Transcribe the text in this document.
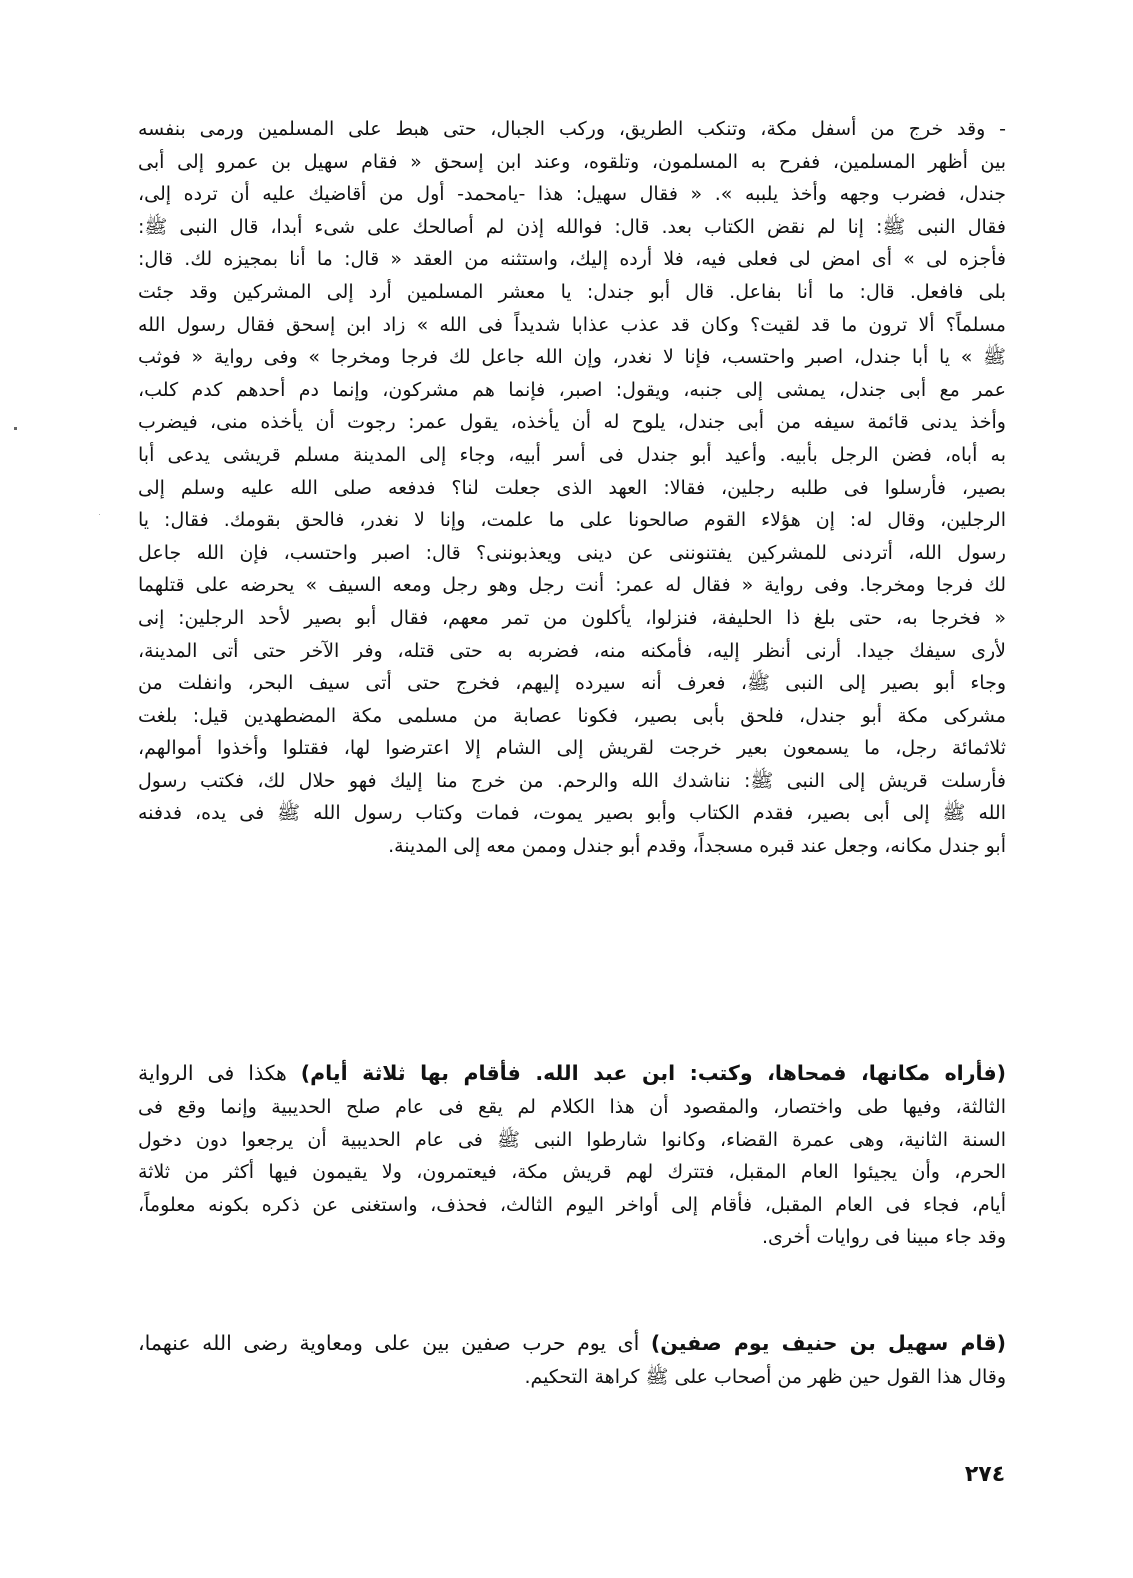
- وقد خرج من أسفل مكة، وتنكب الطريق، وركب الجبال، حتى هبط على المسلمين ورمى بنفسه
بين أظهر المسلمين، ففرح به المسلمون، وتلقوه، وعند ابن إسحق « فقام سهيل بن عمرو إلى أبى
جندل، فضرب وجهه وأخذ يلببه ». « فقال سهيل: هذا -يامحمد- أول من أقاضيك عليه أن ترده إلى،
فقال النبى ﷺ: إنا لم نقض الكتاب بعد. قال: فوالله إذن لم أصالحك على شىء أبدا، قال النبى ﷺ:
فأجزه لى » أى امض لى فعلى فيه، فلا أرده إليك، واستثنه من العقد « قال: ما أنا بمجيزه لك. قال:
بلى فافعل. قال: ما أنا بفاعل. قال أبو جندل: يا معشر المسلمين أرد إلى المشركين وقد جئت
مسلماً؟ ألا ترون ما قد لقيت؟ وكان قد عذب عذابا شديداً فى الله » زاد ابن إسحق فقال رسول الله
ﷺ » يا أبا جندل، اصبر واحتسب، فإنا لا نغدر، وإن الله جاعل لك فرجا ومخرجا » وفى رواية « فوثب
عمر مع أبى جندل، يمشى إلى جنبه، ويقول: اصبر، فإنما هم مشركون، وإنما دم أحدهم كدم كلب،
وأخذ يدنى قائمة سيفه من أبى جندل، يلوح له أن يأخذه، يقول عمر: رجوت أن يأخذه منى، فيضرب
به أباه، فضن الرجل بأبيه. وأعيد أبو جندل فى أسر أبيه، وجاء إلى المدينة مسلم قريشى يدعى أبا
بصير، فأرسلوا فى طلبه رجلين، فقالا: العهد الذى جعلت لنا؟ فدفعه صلى الله عليه وسلم إلى
الرجلين، وقال له: إن هؤلاء القوم صالحونا على ما علمت، وإنا لا نغدر، فالحق بقومك. فقال: يا
رسول الله، أتردنى للمشركين يفتنوننى عن دينى ويعذبوننى؟ قال: اصبر واحتسب، فإن الله جاعل
لك فرجا ومخرجا. وفى رواية « فقال له عمر: أنت رجل وهو رجل ومعه السيف » يحرضه على قتلهما
« فخرجا به، حتى بلغ ذا الحليفة، فنزلوا، يأكلون من تمر معهم، فقال أبو بصير لأحد الرجلين: إنى
لأرى سيفك جيدا. أرنى أنظر إليه، فأمكنه منه، فضربه به حتى قتله، وفر الآخر حتى أتى المدينة،
وجاء أبو بصير إلى النبى ﷺ، فعرف أنه سيرده إليهم، فخرج حتى أتى سيف البحر، وانفلت من
مشركى مكة أبو جندل، فلحق بأبى بصير، فكونا عصابة من مسلمى مكة المضطهدين قيل: بلغت
ثلاثمائة رجل، ما يسمعون بعير خرجت لقريش إلى الشام إلا اعترضوا لها، فقتلوا وأخذوا أموالهم،
فأرسلت قريش إلى النبى ﷺ: نناشدك الله والرحم. من خرج منا إليك فهو حلال لك، فكتب رسول
الله ﷺ إلى أبى بصير، فقدم الكتاب وأبو بصير يموت، فمات وكتاب رسول الله ﷺ فى يده، فدفنه
أبو جندل مكانه، وجعل عند قبره مسجداً، وقدم أبو جندل وممن معه إلى المدينة.
(فأراه مكانها، فمحاها، وكتب: ابن عبد الله. فأقام بها ثلاثة أيام) هكذا فى الرواية
الثالثة، وفيها طى واختصار، والمقصود أن هذا الكلام لم يقع فى عام صلح الحديبية وإنما وقع فى
السنة الثانية، وهى عمرة القضاء، وكانوا شارطوا النبى ﷺ فى عام الحديبية أن يرجعوا دون دخول
الحرم، وأن يجيئوا العام المقبل، فتترك لهم قريش مكة، فيعتمرون، ولا يقيمون فيها أكثر من ثلاثة
أيام، فجاء فى العام المقبل، فأقام إلى أواخر اليوم الثالث، فحذف، واستغنى عن ذكره بكونه معلوماً،
وقد جاء مبينا فى روايات أخرى.
(قام سهيل بن حنيف يوم صفين) أى يوم حرب صفين بين على ومعاوية رضى الله عنهما،
وقال هذا القول حين ظهر من أصحاب على ﷺ كراهة التحكيم.
٢٧٤
